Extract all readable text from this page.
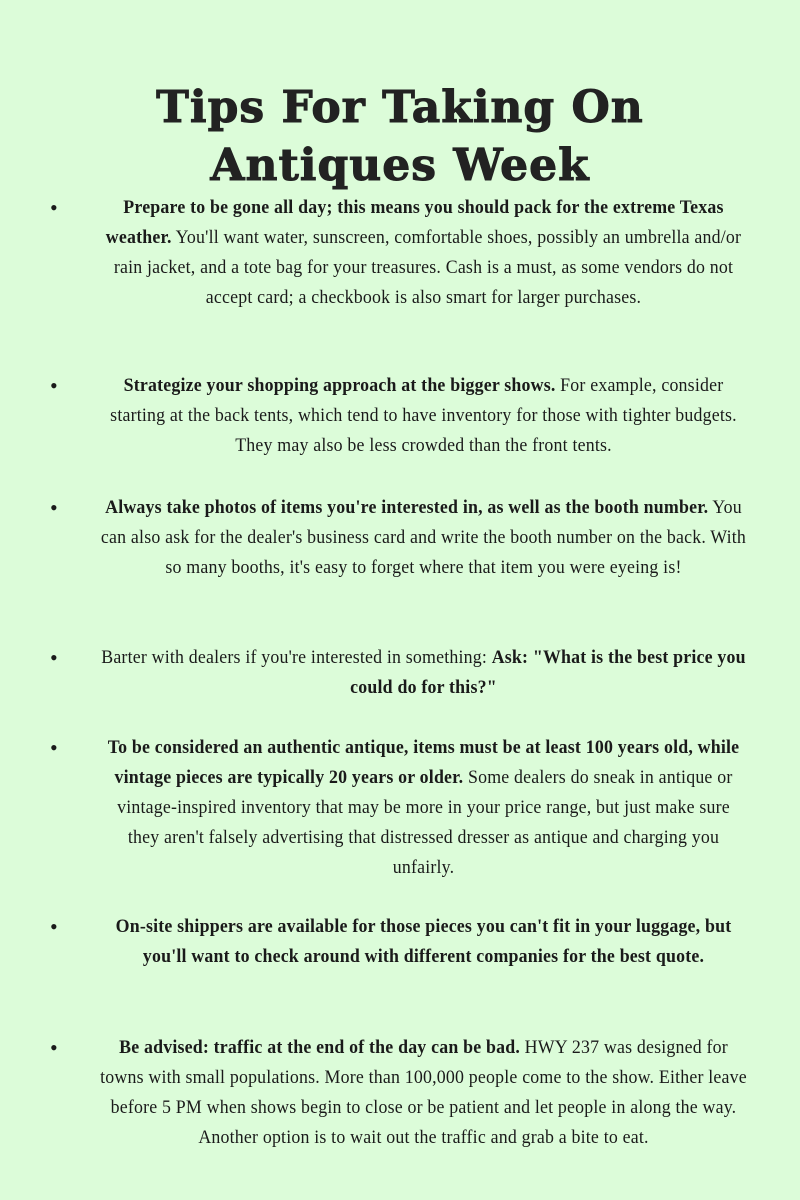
Tips For Taking On
Antiques Week
•	Prepare to be gone all day; this means you should pack for the extreme Texas weather. You'll want water, sunscreen, comfortable shoes, possibly an umbrella and/or rain jacket, and a tote bag for your treasures. Cash is a must, as some vendors do not accept card; a checkbook is also smart for larger purchases.

•	Strategize your shopping approach at the bigger shows. For example, consider starting at the back tents, which tend to have inventory for those with tighter budgets. They may also be less crowded than the front tents.

•	Always take photos of items you're interested in, as well as the booth number. You can also ask for the dealer's business card and write the booth number on the back. With so many booths, it's easy to forget where that item you were eyeing is!

•	Barter with dealers if you're interested in something: Ask: "What is the best price you could do for this?"

•	To be considered an authentic antique, items must be at least 100 years old, while vintage pieces are typically 20 years or older. Some dealers do sneak in antique or vintage-inspired inventory that may be more in your price range, but just make sure they aren't falsely advertising that distressed dresser as antique and charging you unfairly.

•	On-site shippers are available for those pieces you can't fit in your luggage, but you'll want to check around with different companies for the best quote.

•	Be advised: traffic at the end of the day can be bad. HWY 237 was designed for towns with small populations. More than 100,000 people come to the show. Either leave before 5 PM when shows begin to close or be patient and let people in along the way. Another option is to wait out the traffic and grab a bite to eat.
